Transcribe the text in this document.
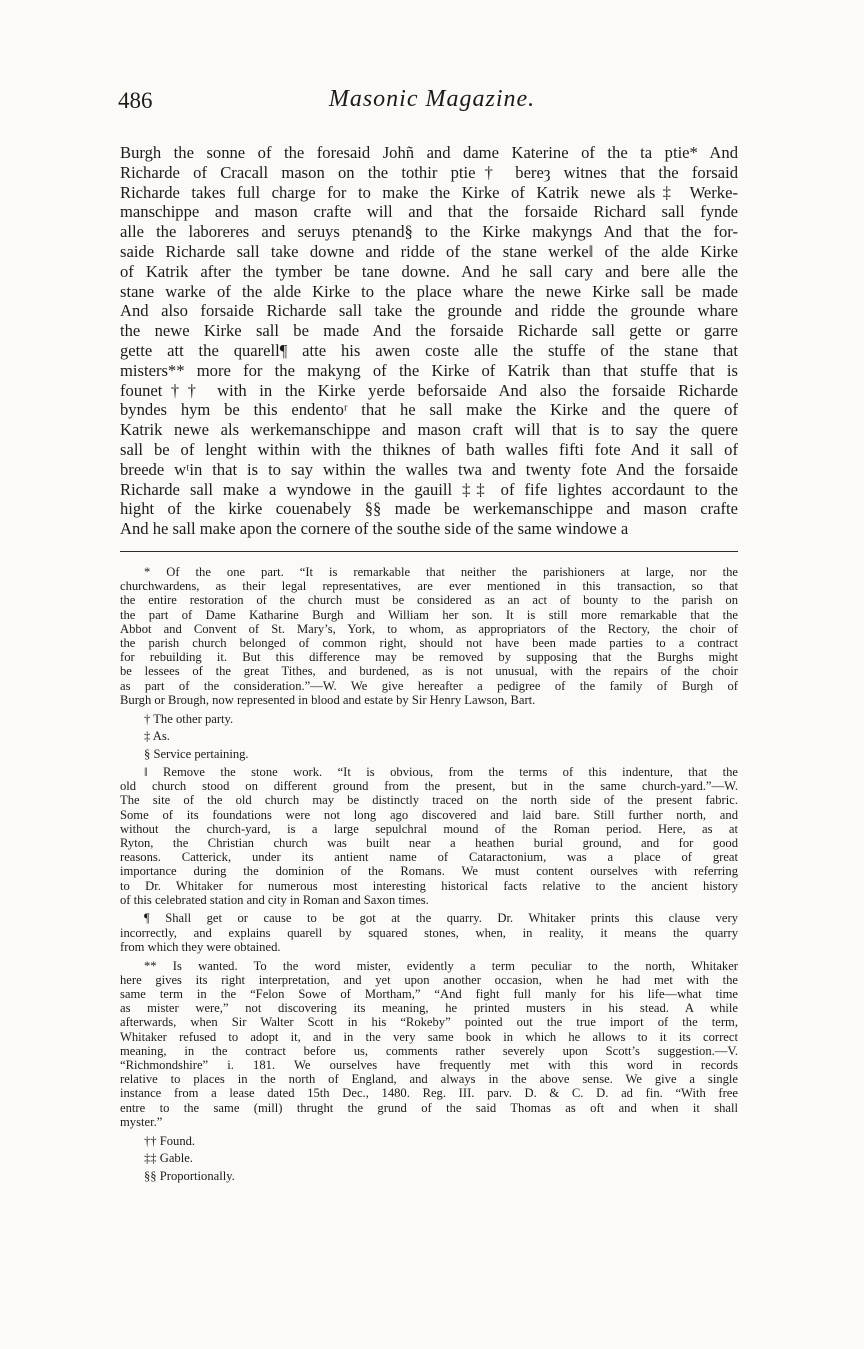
486	Masonic Magazine.
Burgh the sonne of the foresaid Johñ and dame Katerine of the ta ptie* And
Richarde of Cracall mason on the tothir ptie† bereȝ witnes that the forsaid
Richarde takes full charge for to make the Kirke of Katrik newe als‡ Werke-
manschippe and mason crafte will and that the forsaide Richard sall fynde
alle the laboreres and seruys ptenand§ to the Kirke makyngs And that the for-
saide Richarde sall take downe and ridde of the stane werke‖ of the alde Kirke
of Katrik after the tymber be tane downe. And he sall cary and bere alle the
stane warke of the alde Kirke to the place whare the newe Kirke sall be made
And also forsaide Richarde sall take the grounde and ridde the grounde whare
the newe Kirke sall be made And the forsaide Richarde sall gette or garre
gette att the quarell¶ atte his awen coste alle the stuffe of the stane that
misters** more for the makyng of the Kirke of Katrik than that stuffe that is
founet†† with in the Kirke yerde beforsaide And also the forsaide Richarde
byndes hym be this endentoʳ that he sall make the Kirke and the quere of
Katrik newe als werkemanschippe and mason craft will that is to say the quere
sall be of lenght within with the thiknes of bath walles fifti fote And it sall of
breede wᵗin that is to say within the walles twa and twenty fote And the forsaide
Richarde sall make a wyndowe in the gauill ‡‡ of fife lightes accordaunt to the
hight of the kirke couenabely §§ made be werkemanschippe and mason crafte
And he sall make apon the cornere of the southe side of the same windowe a
* Of the one part. “It is remarkable that neither the parishioners at large, nor the
churchwardens, as their legal representatives, are ever mentioned in this transaction, so that
the entire restoration of the church must be considered as an act of bounty to the parish on
the part of Dame Katharine Burgh and William her son. It is still more remarkable that the
Abbot and Convent of St. Mary’s, York, to whom, as appropriators of the Rectory, the choir of
the parish church belonged of common right, should not have been made parties to a contract
for rebuilding it. But this difference may be removed by supposing that the Burghs might
be lessees of the great Tithes, and burdened, as is not unusual, with the repairs of the choir
as part of the consideration.”—W. We give hereafter a pedigree of the family of Burgh of
Burgh or Brough, now represented in blood and estate by Sir Henry Lawson, Bart.
† The other party.
‡ As.
§ Service pertaining.
‖ Remove the stone work. “It is obvious, from the terms of this indenture, that the
old church stood on different ground from the present, but in the same church-yard.”—W.
The site of the old church may be distinctly traced on the north side of the present fabric.
Some of its foundations were not long ago discovered and laid bare. Still further north, and
without the church-yard, is a large sepulchral mound of the Roman period. Here, as at
Ryton, the Christian church was built near a heathen burial ground, and for good
reasons. Catterick, under its antient name of Cataractonium, was a place of great
importance during the dominion of the Romans. We must content ourselves with referring
to Dr. Whitaker for numerous most interesting historical facts relative to the ancient history
of this celebrated station and city in Roman and Saxon times.
¶ Shall get or cause to be got at the quarry. Dr. Whitaker prints this clause very
incorrectly, and explains quarell by squared stones, when, in reality, it means the quarry
from which they were obtained.
** Is wanted. To the word mister, evidently a term peculiar to the north, Whitaker
here gives its right interpretation, and yet upon another occasion, when he had met with the
same term in the “Felon Sowe of Mortham,” “And fight full manly for his life—what time
as mister were,” not discovering its meaning, he printed musters in his stead. A while
afterwards, when Sir Walter Scott in his “Rokeby” pointed out the true import of the term,
Whitaker refused to adopt it, and in the very same book in which he allows to it its correct
meaning, in the contract before us, comments rather severely upon Scott’s suggestion.—V.
“Richmondshire” i. 181. We ourselves have frequently met with this word in records
relative to places in the north of England, and always in the above sense. We give a single
instance from a lease dated 15th Dec., 1480. Reg. III. parv. D. & C. D. ad fin. “With free
entre to the same (mill) thrught the grund of the said Thomas as oft and when it shall
myster.”
†† Found.
‡‡ Gable.
§§ Proportionally.
